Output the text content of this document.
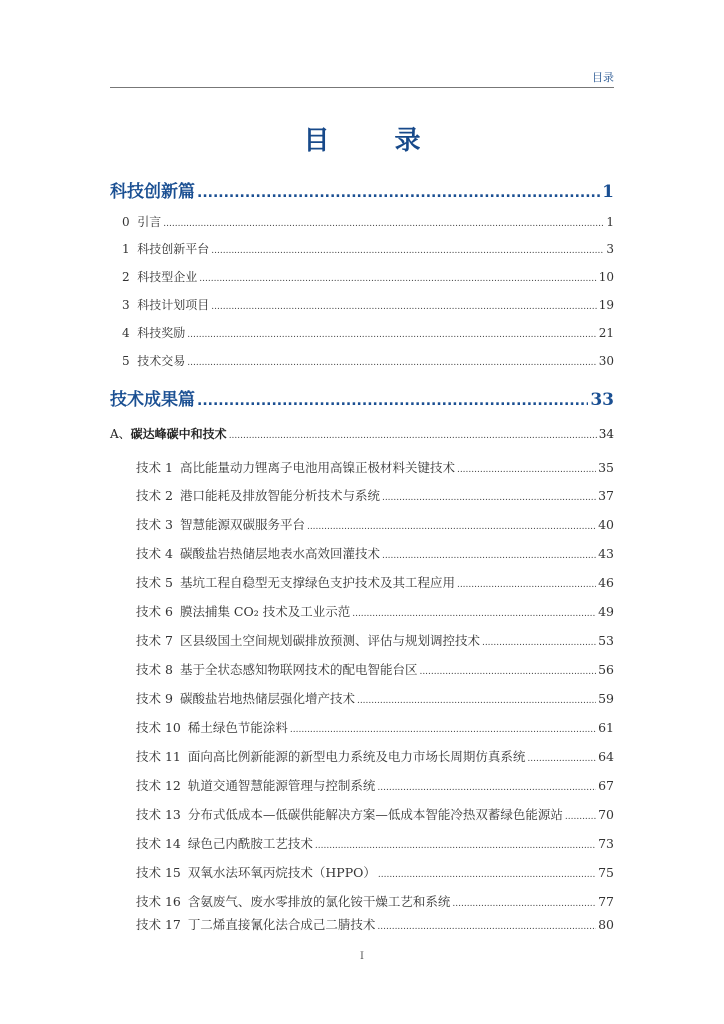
目录
目 录
科技创新篇 .....	1
0 引言 .....	1
1 科技创新平台 .....	3
2 科技型企业 .....	10
3 科技计划项目 .....	19
4 科技奖励 .....	21
5 技术交易 .....	30
技术成果篇 .....	33
A、碳达峰碳中和技术 .....	34
技术 1 高比能量动力锂离子电池用高镍正极材料关键技术 .....	35
技术 2 港口能耗及排放智能分析技术与系统 .....	37
技术 3 智慧能源双碳服务平台 .....	40
技术 4 碳酸盐岩热储层地表水高效回灌技术 .....	43
技术 5 基坑工程自稳型无支撑绿色支护技术及其工程应用 .....	46
技术 6 膜法捕集 CO₂ 技术及工业示范 .....	49
技术 7 区县级国土空间规划碳排放预测、评估与规划调控技术 .....	53
技术 8 基于全状态感知物联网技术的配电智能台区 .....	56
技术 9 碳酸盐岩地热储层强化增产技术 .....	59
技术 10 稀土绿色节能涂料 .....	61
技术 11 面向高比例新能源的新型电力系统及电力市场长周期仿真系统 .....	64
技术 12 轨道交通智慧能源管理与控制系统 .....	67
技术 13 分布式低成本—低碳供能解决方案—低成本智能冷热双蓄绿色能源站 .....	70
技术 14 绿色己内酰胺工艺技术 .....	73
技术 15 双氧水法环氧丙烷技术（HPPO） .....	75
技术 16 含氨废气、废水零排放的氯化铵干燥工艺和系统 .....	77
技术 17 丁二烯直接氰化法合成己二腈技术 .....	80
I
